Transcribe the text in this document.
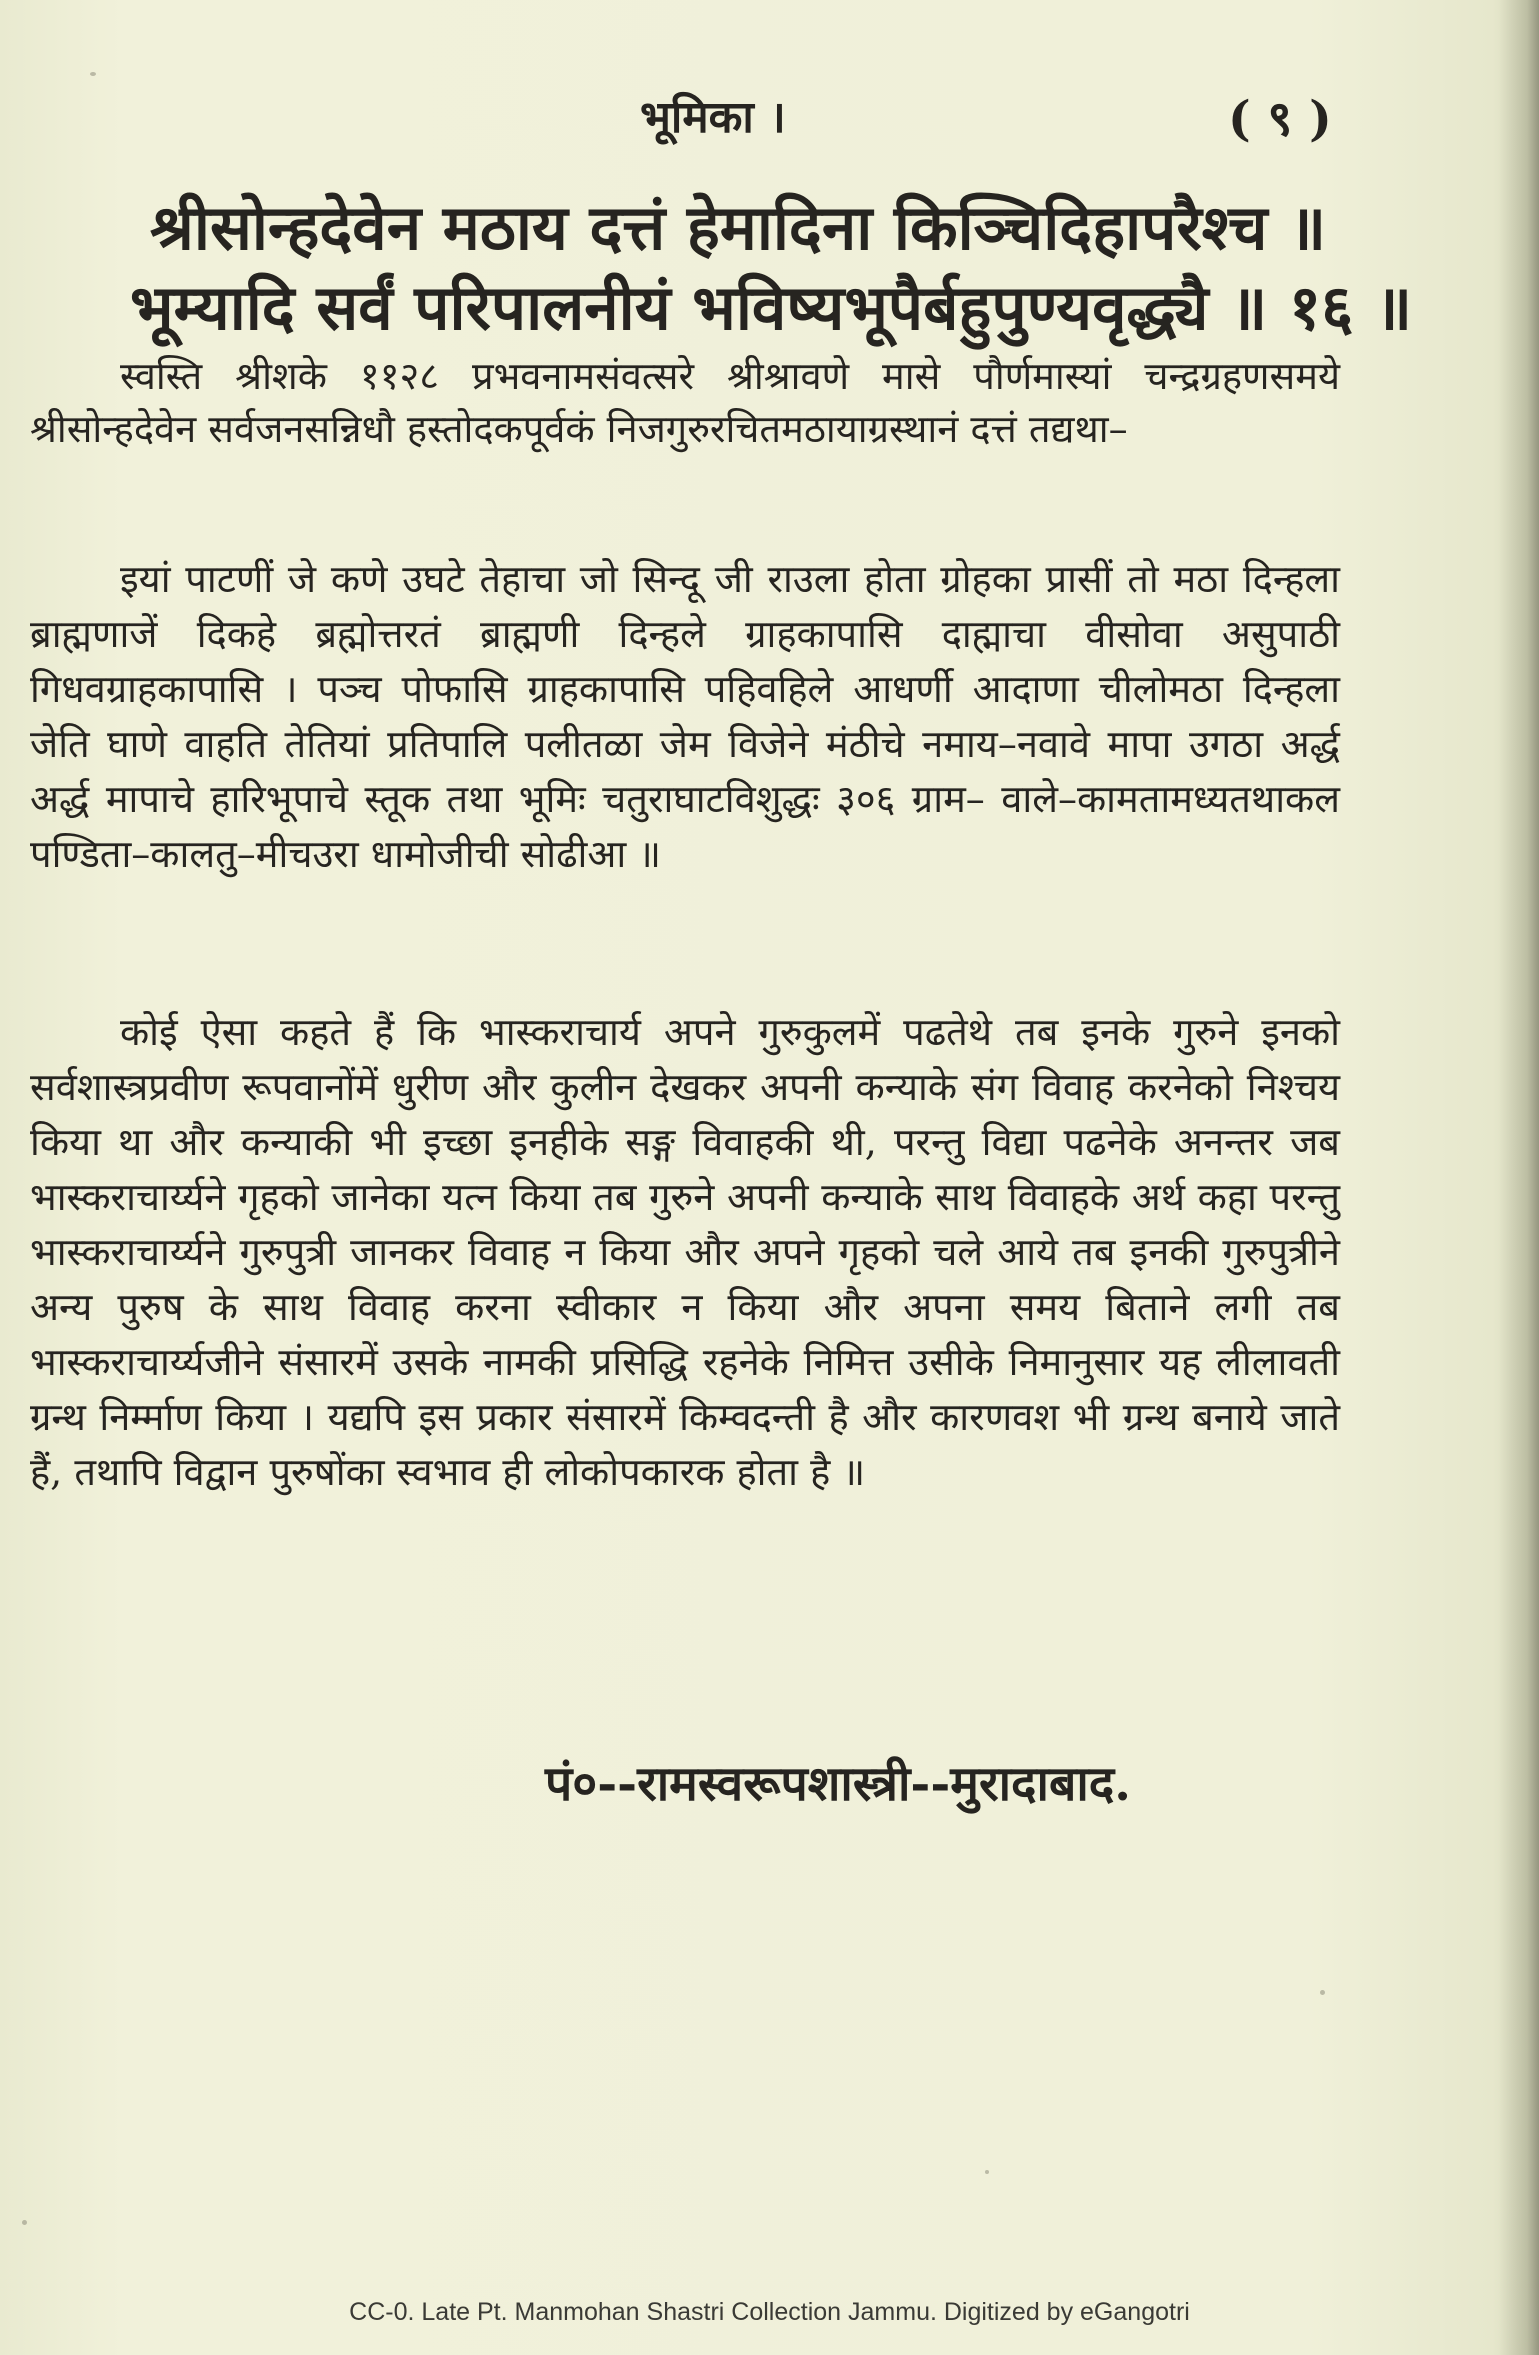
भूमिका ।	( ९ )
श्रीसोन्हदेवेन मठाय दत्तं हेमादिना किञ्चिदिहापरैश्च ॥
भूम्यादि सर्वं परिपालनीयं भविष्यभूपैर्बहुपुण्यवृद्ध्यै ॥ १६ ॥
स्वस्ति श्रीशके ११२८ प्रभवनामसंवत्सरे श्रीश्रावणे मासे पौर्णमास्यां चन्द्रग्रहणसमये श्रीसोन्हदेवेन सर्वजनसन्निधौ हस्तोदकपूर्वकं निजगुरुरचितमठायाग्रस्थानं दत्तं तद्यथा–
इयां पाटणीं जे कणे उघटे तेहाचा जो सिन्दू जी राउला होता ग्रोहका प्रासीं तो मठा दिन्हला ब्राह्मणाजें दिकहे ब्रह्मोत्तरतं ब्राह्मणी दिन्हले ग्राहकापासि दाह्माचा वीसोवा असुपाठी गिधवग्राहकापासि । पञ्च पोफासि ग्राहकापासि पहिवहिले आधर्णी आदाणा चीलोमठा दिन्हला जेति घाणे वाहति तेतियां प्रतिपालि पलीतळा जेम विजेने मंठीचे नमाय–नवावे मापा उगठा अर्द्ध अर्द्ध मापाचे हारिभूपाचे स्तूक तथा भूमिः चतुराघाटविशुद्धः ३०६ ग्राम– वाले–कामतामध्यतथाकल पण्डिता–कालतु–मीचउरा धामोजीची सोढीआ ॥
कोई ऐसा कहते हैं कि भास्कराचार्य अपने गुरुकुलमें पढतेथे तब इनके गुरुने इनको सर्वशास्त्रप्रवीण रूपवानोंमें धुरीण और कुलीन देखकर अपनी कन्याके संग विवाह करनेको निश्चय किया था और कन्याकी भी इच्छा इनहीके सङ्ग विवाहकी थी, परन्तु विद्या पढनेके अनन्तर जब भास्कराचार्य्यने गृहको जानेका यत्न किया तब गुरुने अपनी कन्याके साथ विवाहके अर्थ कहा परन्तु भास्कराचार्य्यने गुरुपुत्री जानकर विवाह न किया और अपने गृहको चले आये तब इनकी गुरुपुत्रीने अन्य पुरुष के साथ विवाह करना स्वीकार न किया और अपना समय बिताने लगी तब भास्कराचार्य्यजीने संसारमें उसके नामकी प्रसिद्धि रहनेके निमित्त उसीके निमानुसार यह लीलावती ग्रन्थ निर्म्माण किया । यद्यपि इस प्रकार संसारमें किम्वदन्ती है और कारणवश भी ग्रन्थ बनाये जाते हैं, तथापि विद्वान पुरुषोंका स्वभाव ही लोकोपकारक होता है ॥
पं०--रामस्वरूपशास्त्री--मुरादाबाद.
CC-0. Late Pt. Manmohan Shastri Collection Jammu. Digitized by eGangotri
